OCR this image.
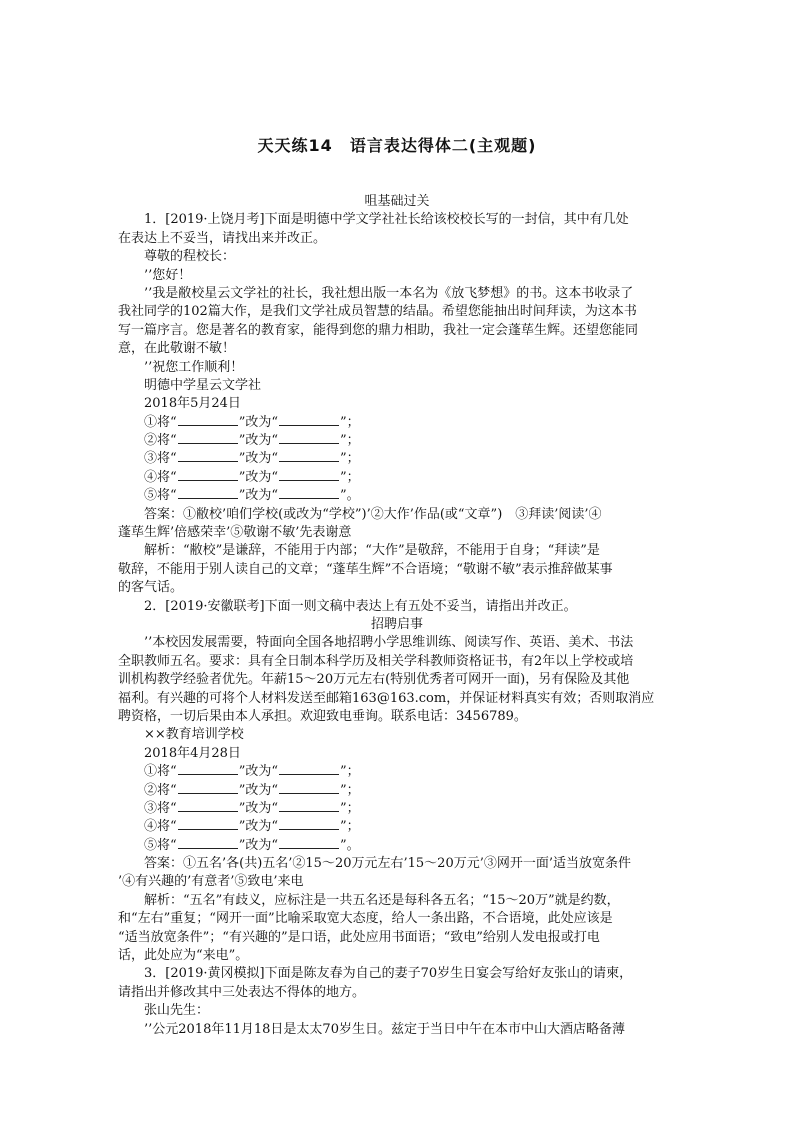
天天练14　语言表达得体二(主观题)
咀基础过关
1．[2019·上饶月考]下面是明德中学文学社社长给该校校长写的一封信，其中有几处
在表达上不妥当，请找出来并改正。
尊敬的程校长：
’’您好！
’’我是敝校星云文学社的社长，我社想出版一本名为《放飞梦想》的书。这本书收录了
我社同学的102篇大作，是我们文学社成员智慧的结晶。希望您能抽出时间拜读，为这本书
写一篇序言。您是著名的教育家，能得到您的鼎力相助，我社一定会蓬荜生辉。还望您能同
意，在此敬谢不敏！
’’祝您工作顺利！
明德中学星云文学社
2018年5月24日
①将“	”改为“	”；
②将“	”改为“	”；
③将“	”改为“	”；
④将“	”改为“	”；
⑤将“	”改为“	”。
答案：①敝校’咱们学校(或改为“学校”)’②大作’作品(或“文章”)　③拜读’阅读’④
蓬荜生辉’倍感荣幸’⑤敬谢不敏’先表谢意
解析：“敝校”是谦辞，不能用于内部；“大作”是敬辞，不能用于自身；“拜读”是
敬辞，不能用于别人读自己的文章；“蓬荜生辉”不合语境；“敬谢不敏”表示推辞做某事
的客气话。
2．[2019·安徽联考]下面一则文稿中表达上有五处不妥当，请指出并改正。
招聘启事
’’本校因发展需要，特面向全国各地招聘小学思维训练、阅读写作、英语、美术、书法
全职教师五名。要求：具有全日制本科学历及相关学科教师资格证书，有2年以上学校或培
训机构教学经验者优先。年薪15～20万元左右(特别优秀者可网开一面)，另有保险及其他
福利。有兴趣的可将个人材料发送至邮箱163@163.com，并保证材料真实有效；否则取消应
聘资格，一切后果由本人承担。欢迎致电垂询。联系电话：3456789。
××教育培训学校
2018年4月28日
①将“	”改为“	”；
②将“	”改为“	”；
③将“	”改为“	”；
④将“	”改为“	”；
⑤将“	”改为“	”。
答案：①五名’各(共)五名’②15～20万元左右’15～20万元’③网开一面’适当放宽条件
’④有兴趣的’有意者’⑤致电’来电
解析：“五名”有歧义，应标注是一共五名还是每科各五名；“15～20万”就是约数，
和“左右”重复；“网开一面”比喻采取宽大态度，给人一条出路，不合语境，此处应该是
“适当放宽条件”；“有兴趣的”是口语，此处应用书面语；“致电”给别人发电报或打电
话，此处应为“来电”。
3．[2019·黄冈模拟]下面是陈友春为自己的妻子70岁生日宴会写给好友张山的请柬，
请指出并修改其中三处表达不得体的地方。
张山先生：
’’公元2018年11月18日是太太70岁生日。兹定于当日中午在本市中山大酒店略备薄
